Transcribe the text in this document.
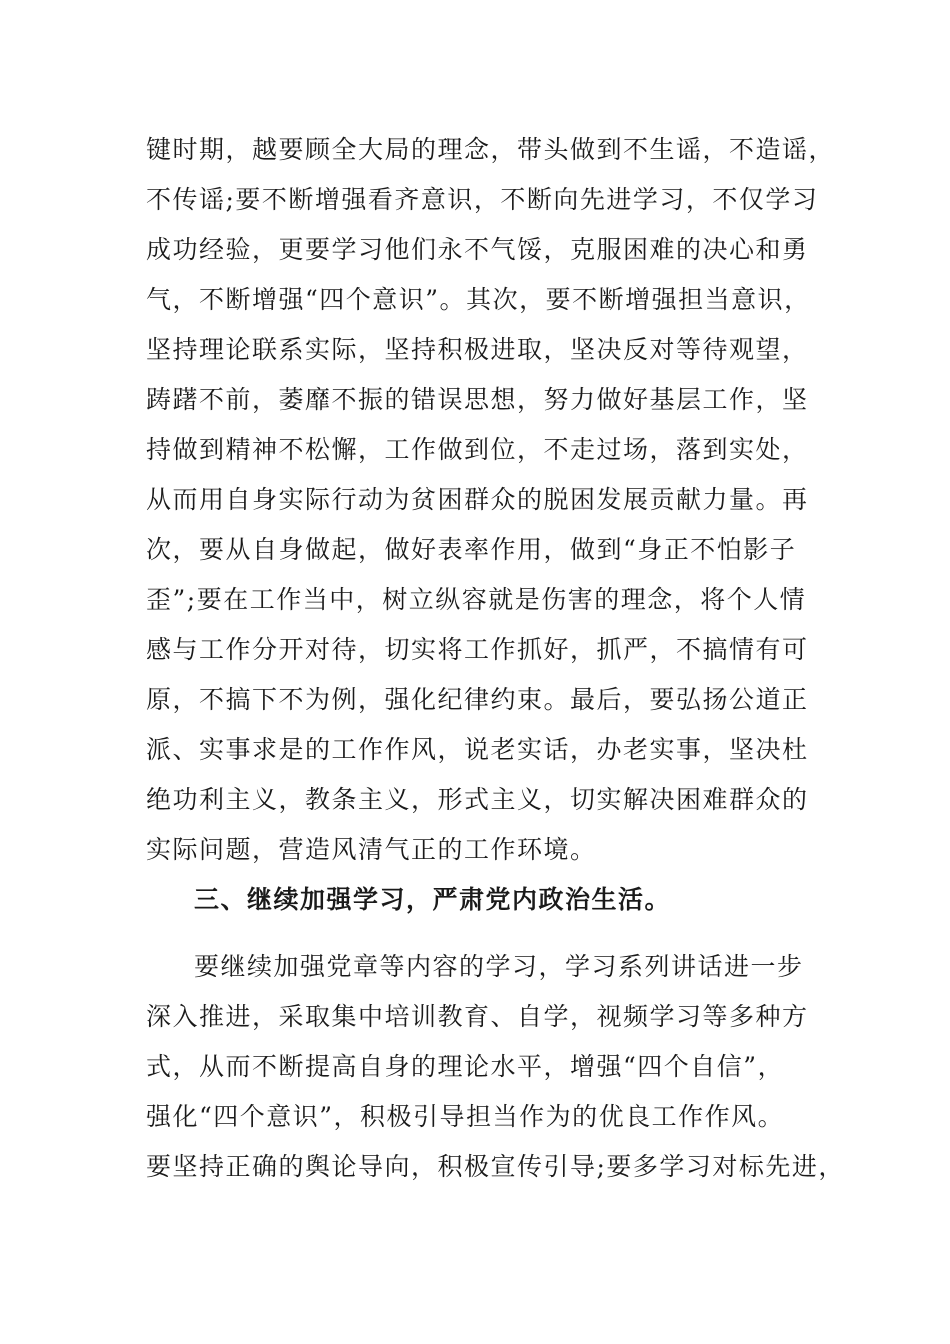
键时期，越要顾全大局的理念，带头做到不生谣，不造谣，
不传谣;要不断增强看齐意识，不断向先进学习，不仅学习
成功经验，更要学习他们永不气馁，克服困难的决心和勇
气，不断增强“四个意识”。其次，要不断增强担当意识，
坚持理论联系实际，坚持积极进取，坚决反对等待观望，
踌躇不前，萎靡不振的错误思想，努力做好基层工作，坚
持做到精神不松懈，工作做到位，不走过场，落到实处，
从而用自身实际行动为贫困群众的脱困发展贡献力量。再
次，要从自身做起，做好表率作用，做到“身正不怕影子
歪”;要在工作当中，树立纵容就是伤害的理念，将个人情
感与工作分开对待，切实将工作抓好，抓严，不搞情有可
原，不搞下不为例，强化纪律约束。最后，要弘扬公道正
派、实事求是的工作作风，说老实话，办老实事，坚决杜
绝功利主义，教条主义，形式主义，切实解决困难群众的
实际问题，营造风清气正的工作环境。
三、继续加强学习，严肃党内政治生活。
要继续加强党章等内容的学习，学习系列讲话进一步
深入推进，采取集中培训教育、自学，视频学习等多种方
式，从而不断提高自身的理论水平，增强“四个自信”，
强化“四个意识”，积极引导担当作为的优良工作作风。
要坚持正确的舆论导向，积极宣传引导;要多学习对标先进，
